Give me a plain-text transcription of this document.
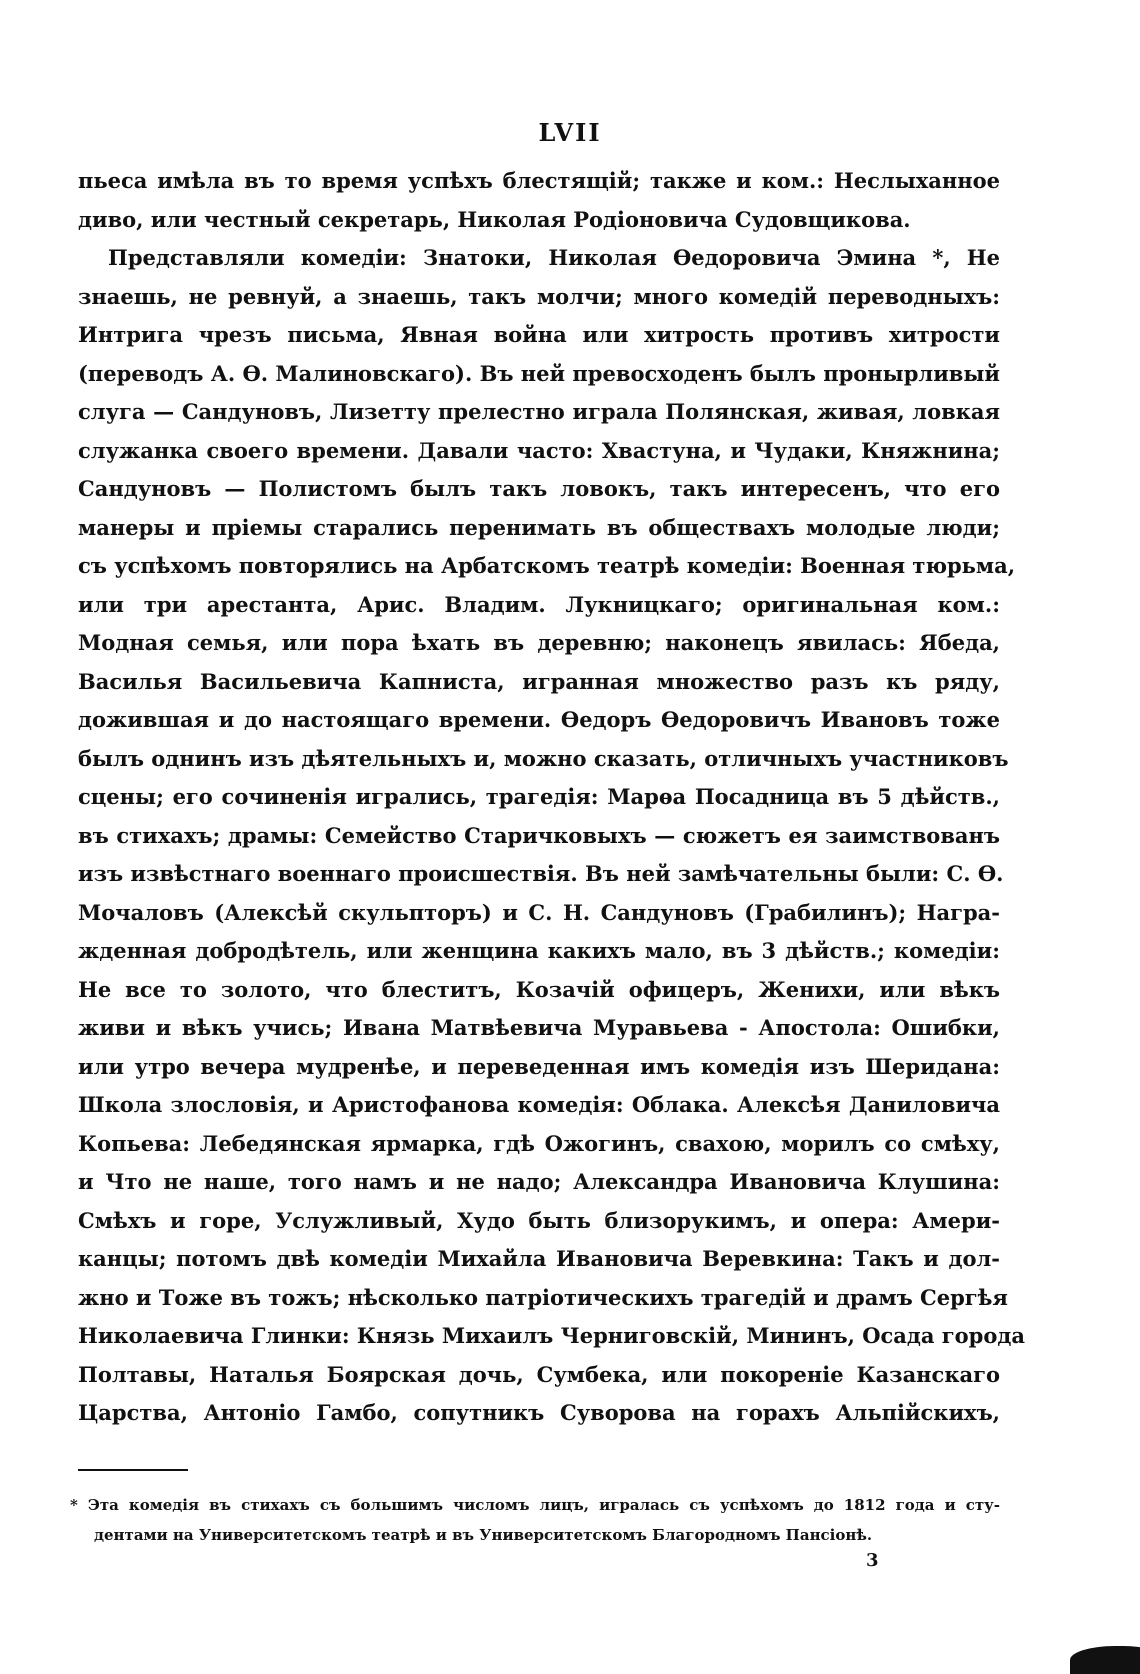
LVII
пьеса имѣла въ то время успѣхъ блестящій; также и ком.: Неслыханное
диво, или честный секретарь, Николая Родіоновича Судовщикова.
Представляли комедіи: Знатоки, Николая Ѳедоровича Эмина *, Не
знаешь, не ревнуй, а знаешь, такъ молчи; много комедій переводныхъ:
Интрига чрезъ письма, Явная война или хитрость противъ хитрости
(переводъ А. Ѳ. Малиновскаго). Въ ней превосходенъ былъ пронырливый
слуга — Сандуновъ, Лизетту прелестно играла Полянская, живая, ловкая
служанка своего времени. Давали часто: Хвастуна, и Чудаки, Княжнина;
Сандуновъ — Полистомъ былъ такъ ловокъ, такъ интересенъ, что его
манеры и пріемы старались перенимать въ обществахъ молодые люди;
съ успѣхомъ повторялись на Арбатскомъ театрѣ комедіи: Военная тюрьма,
или три арестанта, Арис. Владим. Лукницкаго; оригинальная ком.:
Модная семья, или пора ѣхать въ деревню; наконецъ явилась: Ябеда,
Василья Васильевича Капниста, игранная множество разъ къ ряду,
дожившая и до настоящаго времени. Ѳедоръ Ѳедоровичъ Ивановъ тоже
былъ однинъ изъ дѣятельныхъ и, можно сказать, отличныхъ участниковъ
сцены; его сочиненія игрались, трагедія: Марѳа Посадница въ 5 дѣйств.,
въ стихахъ; драмы: Семейство Старичковыхъ — сюжетъ ея заимствованъ
изъ извѣстнаго военнаго происшествія. Въ ней замѣчательны были: С. Ѳ.
Мочаловъ (Алексѣй скульпторъ) и С. Н. Сандуновъ (Грабилинъ); Награ-
жденная добродѣтель, или женщина какихъ мало, въ 3 дѣйств.; комедіи:
Не все то золото, что блеститъ, Козачій офицеръ, Женихи, или вѣкъ
живи и вѣкъ учись; Ивана Матвѣевича Муравьева - Апостола: Ошибки,
или утро вечера мудренѣе, и переведенная имъ комедія изъ Шеридана:
Школа злословія, и Аристофанова комедія: Облака. Алексѣя Даниловича
Копьева: Лебедянская ярмарка, гдѣ Ожогинъ, свахою, морилъ со смѣху,
и Что не наше, того намъ и не надо; Александра Ивановича Клушина:
Смѣхъ и горе, Услужливый, Худо быть близорукимъ, и опера: Амери-
канцы; потомъ двѣ комедіи Михайла Ивановича Веревкина: Такъ и дол-
жно и Тоже въ тожъ; нѣсколько патріотическихъ трагедій и драмъ Сергѣя
Николаевича Глинки: Князь Михаилъ Черниговскій, Мининъ, Осада города
Полтавы, Наталья Боярская дочь, Сумбека, или покореніе Казанскаго
Царства, Антоніо Гамбо, сопутникъ Суворова на горахъ Альпійскихъ,
* Эта комедія въ стихахъ съ большимъ числомъ лицъ, игралась съ успѣхомъ до 1812 года и сту-
дентами на Университетскомъ театрѣ и въ Университетскомъ Благородномъ Пансіонѣ.
3
